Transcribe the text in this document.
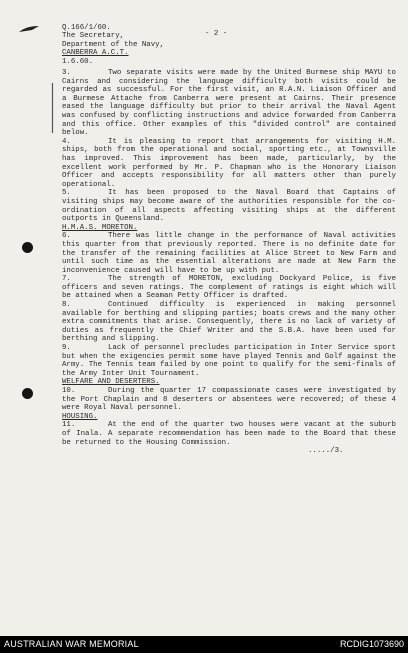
Q.166/1/60.

- 2 -

The Secretary,

Department of the Navy,

CANBERRA A.C.T.

1.6.60.

3.	Two separate visits were made by the United Burmese ship MAYU to Cairns and considering the language difficulty both visits could be regarded as successful. For the first visit, an R.A.N. Liaison Officer and a Burmese Attache from Canberra were present at Cairns. Their presence eased the language difficulty but prior to their arrival the Naval Agent was confused by conflicting instructions and advice forwarded from Canberra and this office. Other examples of this "divided control" are contained below.

4.	It is pleasing to report that arrangements for visiting H.M. ships, both from the operational and social, sporting etc., at Townsville has improved. This improvement has been made, particularly, by the excellent work performed by Mr. P. Chapman who is the Honorary Liaison Officer and accepts responsibility for all matters other than purely operational.

5.	It has been proposed to the Naval Board that Captains of visiting ships may become aware of the authorities responsible for the co-ordination of all aspects affecting visiting ships at the different outports in Queensland.

H.M.A.S. MORETON.

6.	There was little change in the performance of Naval activities this quarter from that previously reported. There is no definite date for the transfer of the remaining facilities at Alice Street to New Farm and until such time as the essential alterations are made at New Farm the inconvenience caused will have to be up with put.

7.	The strength of MORETON, excluding Dockyard Police, is five officers and seven ratings. The complement of ratings is eight which will be attained when a Seaman Petty Officer is drafted.

8.	Continued difficulty is experienced in making personnel available for berthing and slipping parties; boats crews and the many other extra commitments that arise. Consequently, there is no lack of variety of duties as frequently the Chief Writer and the S.B.A. have been used for berthing and slipping.

9.	Lack of personnel precludes participation in Inter Service sport but when the exigencies permit some have played Tennis and Golf against the Army. The Tennis team failed by one point to qualify for the semi-finals of the Army Inter Unit Tournament.

WELFARE AND DESERTERS.

10.	During the quarter 17 compassionate cases were investigated by the Port Chaplain and 8 deserters or absentees were recovered; of these 4 were Royal Naval personnel.

HOUSING.

11.	At the end of the quarter two houses were vacant at the suburb of Inala. A separate recommendation has been made to the Board that these be returned to the Housing Commission.

...../3.

AUSTRALIAN WAR MEMORIAL	RCDIG1073690
